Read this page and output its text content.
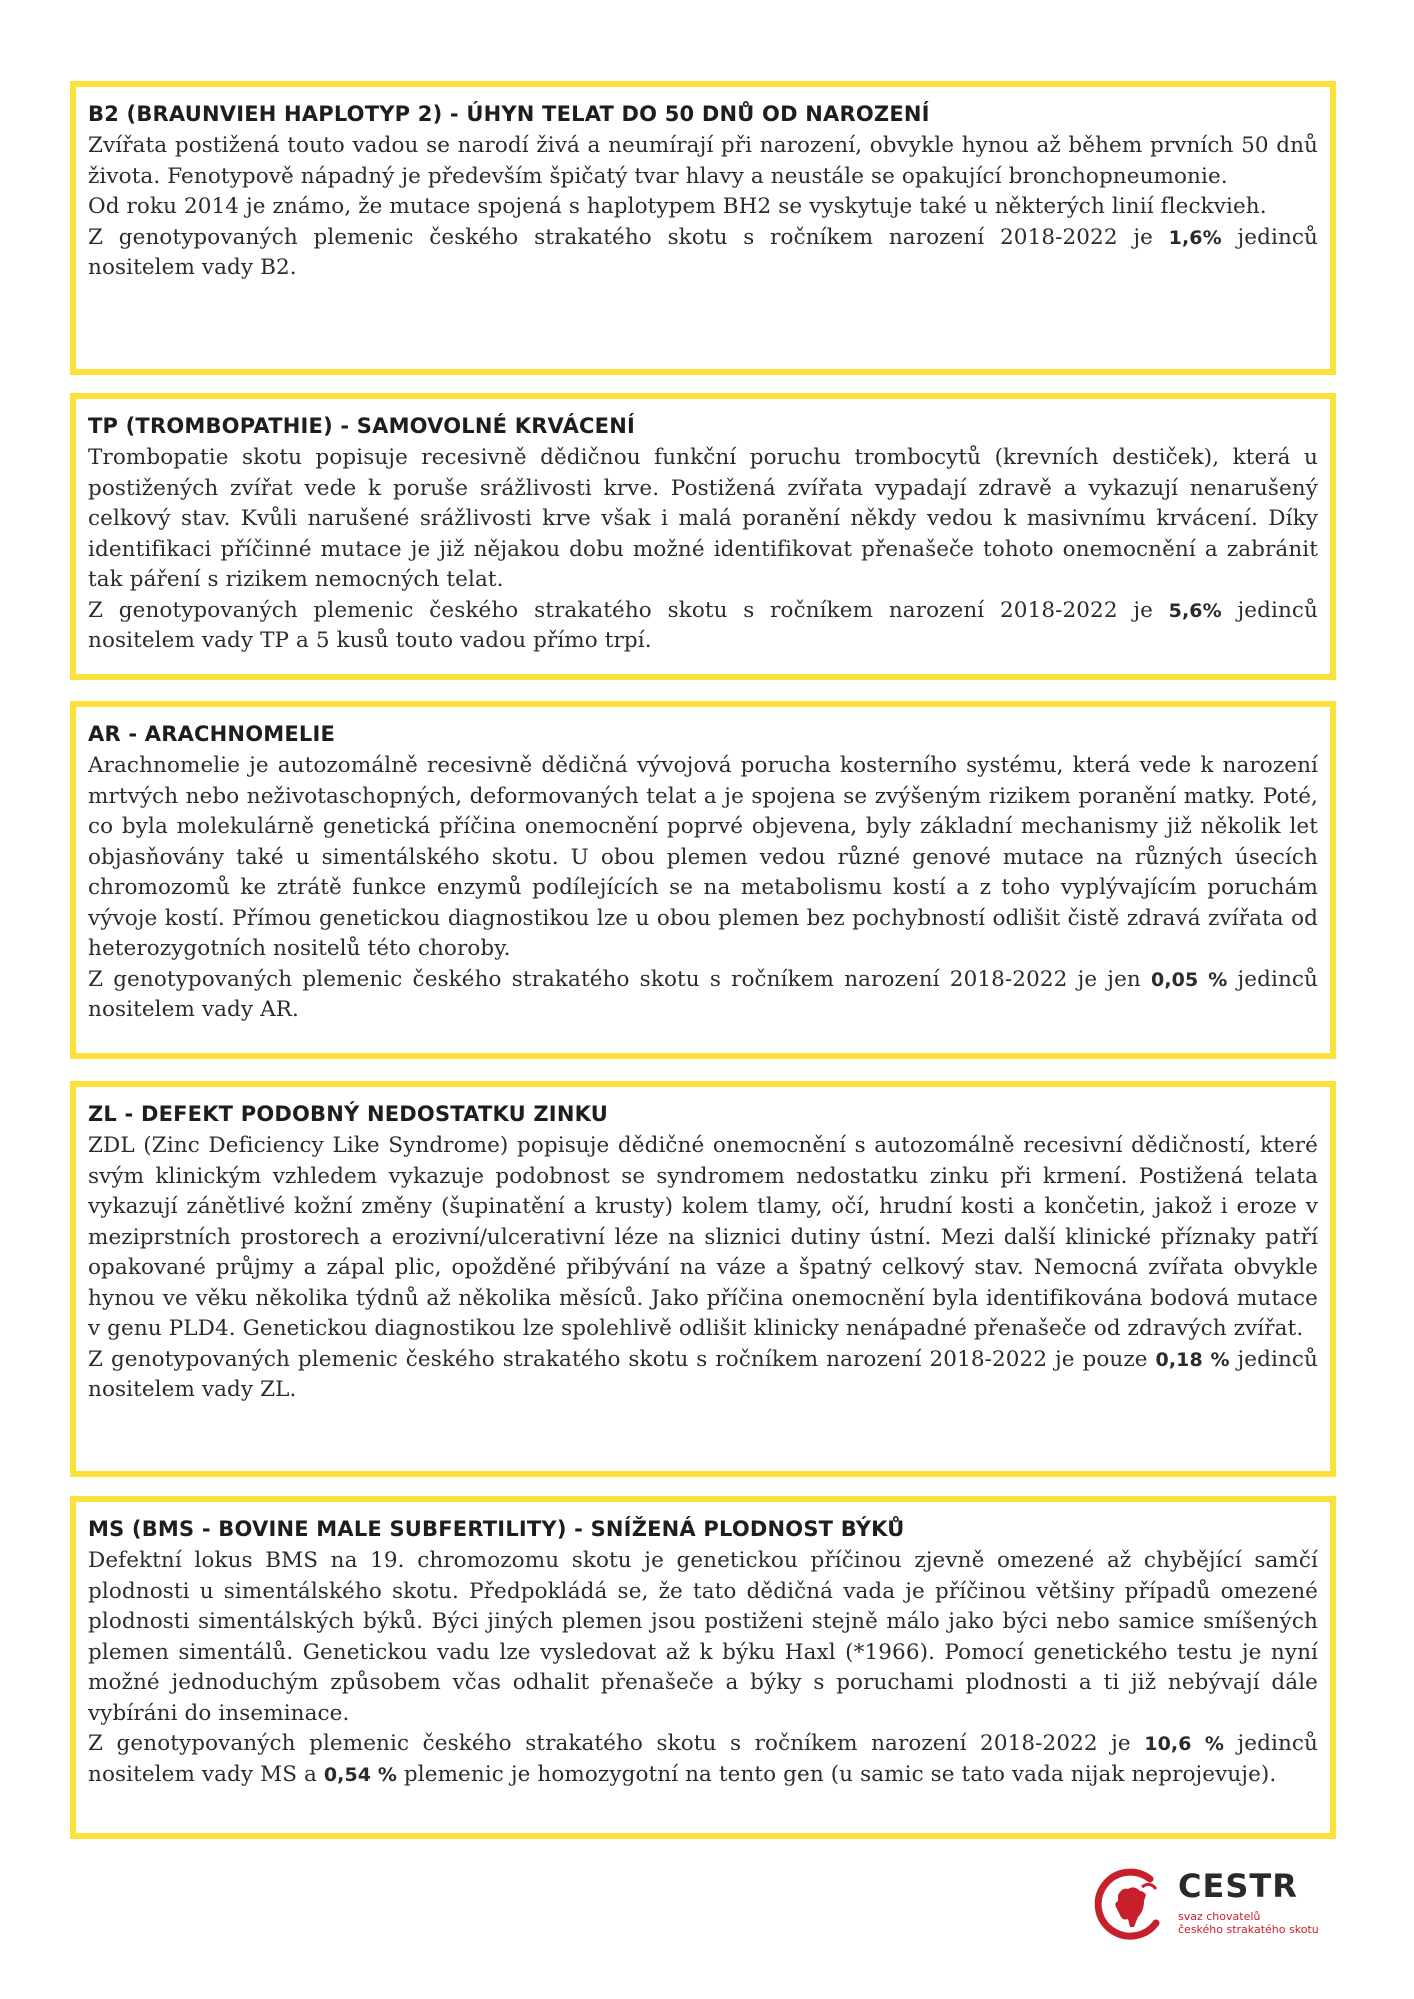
B2 (BRAUNVIEH HAPLOTYP 2) - ÚHYN TELAT DO 50 DNŮ OD NAROZENÍ

Zvířata postižená touto vadou se narodí živá a neumírají při narození, obvykle hynou až během prvních 50 dnů života. Fenotypově nápadný je především špičatý tvar hlavy a neustále se opakující bronchopneumonie.

Od roku 2014 je známo, že mutace spojená s haplotypem BH2 se vyskytuje také u některých linií fleckvieh.

Z genotypovaných plemenic českého strakatého skotu s ročníkem narození 2018-2022 je 1,6% jedinců nositelem vady B2.

TP (TROMBOPATHIE) - SAMOVOLNÉ KRVÁCENÍ

Trombopatie skotu popisuje recesivně dědičnou funkční poruchu trombocytů (krevních destiček), která u postižených zvířat vede k poruše srážlivosti krve. Postižená zvířata vypadají zdravě a vykazují nenarušený celkový stav. Kvůli narušené srážlivosti krve však i malá poranění někdy vedou k masivnímu krvácení. Díky identifikaci příčinné mutace je již nějakou dobu možné identifikovat přenašeče tohoto onemocnění a zabránit tak páření s rizikem nemocných telat.

Z genotypovaných plemenic českého strakatého skotu s ročníkem narození 2018-2022 je 5,6% jedinců nositelem vady TP a 5 kusů touto vadou přímo trpí.

AR - ARACHNOMELIE

Arachnomelie je autozomálně recesivně dědičná vývojová porucha kosterního systému, která vede k narození mrtvých nebo neživotaschopných, deformovaných telat a je spojena se zvýšeným rizikem poranění matky. Poté, co byla molekulárně genetická příčina onemocnění poprvé objevena, byly základní mechanismy již několik let objasňovány také u simentálského skotu. U obou plemen vedou různé genové mutace na různých úsecích chromozomů ke ztrátě funkce enzymů podílejících se na metabolismu kostí a z toho vyplývajícím poruchám vývoje kostí. Přímou genetickou diagnostikou lze u obou plemen bez pochybností odlišit čistě zdravá zvířata od heterozygotních nositelů této choroby.

Z genotypovaných plemenic českého strakatého skotu s ročníkem narození 2018-2022 je jen 0,05 % jedinců nositelem vady AR.

ZL - DEFEKT PODOBNÝ NEDOSTATKU ZINKU

ZDL (Zinc Deficiency Like Syndrome) popisuje dědičné onemocnění s autozomálně recesivní dědičností, které svým klinickým vzhledem vykazuje podobnost se syndromem nedostatku zinku při krmení. Postižená telata vykazují zánětlivé kožní změny (šupinatění a krusty) kolem tlamy, očí, hrudní kosti a končetin, jakož i eroze v meziprstních prostorech a erozivní/ulcerativní léze na sliznici dutiny ústní. Mezi další klinické příznaky patří opakované průjmy a zápal plic, opožděné přibývání na váze a špatný celkový stav. Nemocná zvířata obvykle hynou ve věku několika týdnů až několika měsíců. Jako příčina onemocnění byla identifikována bodová mutace v genu PLD4. Genetickou diagnostikou lze spolehlivě odlišit klinicky nenápadné přenašeče od zdravých zvířat.

Z genotypovaných plemenic českého strakatého skotu s ročníkem narození 2018-2022 je pouze 0,18 % jedinců nositelem vady ZL.

MS (BMS - BOVINE MALE SUBFERTILITY) - SNÍŽENÁ PLODNOST BÝKŮ

Defektní lokus BMS na 19. chromozomu skotu je genetickou příčinou zjevně omezené až chybějící samčí plodnosti u simentálského skotu. Předpokládá se, že tato dědičná vada je příčinou většiny případů omezené plodnosti simentálských býků. Býci jiných plemen jsou postiženi stejně málo jako býci nebo samice smíšených plemen simentálů. Genetickou vadu lze vysledovat až k býku Haxl (*1966). Pomocí genetického testu je nyní možné jednoduchým způsobem včas odhalit přenašeče a býky s poruchami plodnosti a ti již nebývají dále vybíráni do inseminace.

Z genotypovaných plemenic českého strakatého skotu s ročníkem narození 2018-2022 je 10,6 % jedinců nositelem vady MS a 0,54 % plemenic je homozygotní na tento gen (u samic se tato vada nijak neprojevuje).

CESTR
svaz chovatelů
českého strakatého skotu
